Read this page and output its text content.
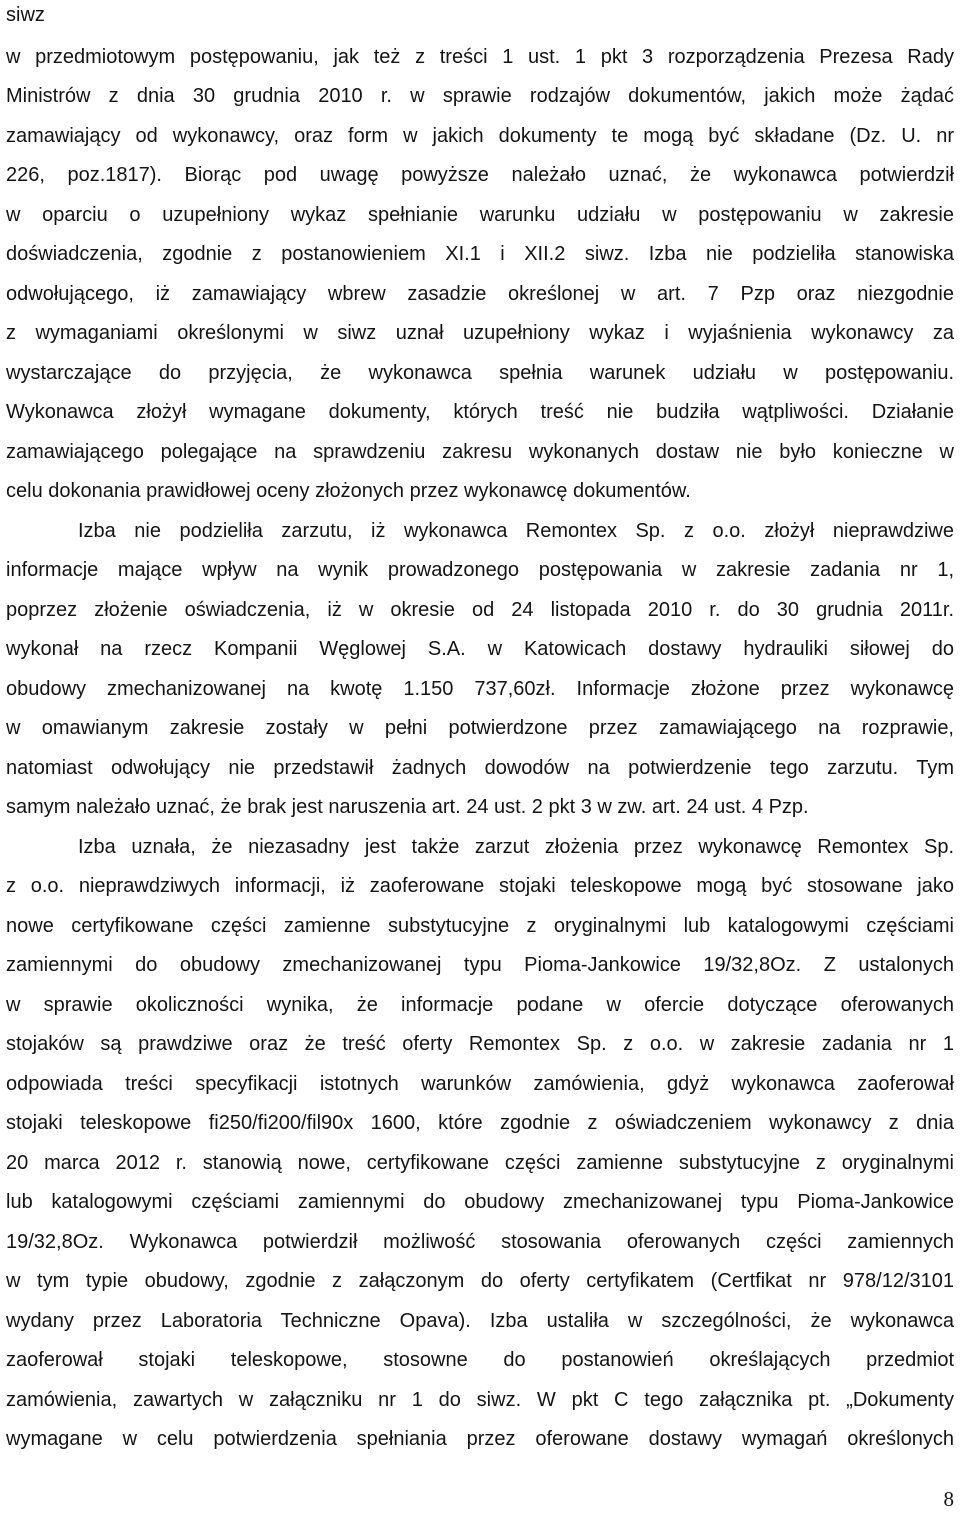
siwz

w przedmiotowym postępowaniu, jak też z treści 1 ust. 1 pkt 3 rozporządzenia Prezesa Rady

Ministrów z dnia 30 grudnia 2010 r. w sprawie rodzajów dokumentów, jakich może żądać

zamawiający od wykonawcy, oraz form w jakich dokumenty te mogą być składane (Dz. U. nr

226, poz.1817). Biorąc pod uwagę powyższe należało uznać, że wykonawca potwierdził

w oparciu o uzupełniony wykaz spełnianie warunku udziału w postępowaniu w zakresie

doświadczenia, zgodnie z postanowieniem XI.1 i XII.2 siwz. Izba nie podzieliła stanowiska

odwołującego, iż zamawiający wbrew zasadzie określonej w art. 7 Pzp oraz niezgodnie

z wymaganiami określonymi w siwz uznał uzupełniony wykaz i wyjaśnienia wykonawcy za

wystarczające do przyjęcia, że wykonawca spełnia warunek udziału w postępowaniu.

Wykonawca złożył wymagane dokumenty, których treść nie budziła wątpliwości. Działanie

zamawiającego polegające na sprawdzeniu zakresu wykonanych dostaw nie było konieczne w

celu dokonania prawidłowej oceny złożonych przez wykonawcę dokumentów.

Izba nie podzieliła zarzutu, iż wykonawca Remontex Sp. z o.o. złożył nieprawdziwe

informacje mające wpływ na wynik prowadzonego postępowania w zakresie zadania nr 1,

poprzez złożenie oświadczenia, iż w okresie od 24 listopada 2010 r. do 30 grudnia 2011r.

wykonał na rzecz Kompanii Węglowej S.A. w Katowicach dostawy hydrauliki siłowej do

obudowy zmechanizowanej na kwotę 1.150 737,60zł. Informacje złożone przez wykonawcę

w omawianym zakresie zostały w pełni potwierdzone przez zamawiającego na rozprawie,

natomiast odwołujący nie przedstawił żadnych dowodów na potwierdzenie tego zarzutu. Tym

samym należało uznać, że brak jest naruszenia art. 24 ust. 2 pkt 3 w zw. art. 24 ust. 4 Pzp.

Izba uznała, że niezasadny jest także zarzut złożenia przez wykonawcę Remontex Sp.

z o.o. nieprawdziwych informacji, iż zaoferowane stojaki teleskopowe mogą być stosowane jako

nowe certyfikowane części zamienne substytucyjne z oryginalnymi lub katalogowymi częściami

zamiennymi do obudowy zmechanizowanej typu Pioma-Jankowice 19/32,8Oz. Z ustalonych

w sprawie okoliczności wynika, że informacje podane w ofercie dotyczące oferowanych

stojaków są prawdziwe oraz że treść oferty Remontex Sp. z o.o. w zakresie zadania nr 1

odpowiada treści specyfikacji istotnych warunków zamówienia, gdyż wykonawca zaoferował

stojaki teleskopowe fi250/fi200/fil90x 1600, które zgodnie z oświadczeniem wykonawcy z dnia

20 marca 2012 r. stanowią nowe, certyfikowane części zamienne substytucyjne z oryginalnymi

lub katalogowymi częściami zamiennymi do obudowy zmechanizowanej typu Pioma-Jankowice

19/32,8Oz. Wykonawca potwierdził możliwość stosowania oferowanych części zamiennych

w tym typie obudowy, zgodnie z załączonym do oferty certyfikatem (Certfikat nr 978/12/3101

wydany przez Laboratoria Techniczne Opava). Izba ustaliła w szczególności, że wykonawca

zaoferował stojaki teleskopowe, stosowne do postanowień określających przedmiot

zamówienia, zawartych w załączniku nr 1 do siwz. W pkt C tego załącznika pt. „Dokumenty

wymagane w celu potwierdzenia spełniania przez oferowane dostawy wymagań określonych

8
